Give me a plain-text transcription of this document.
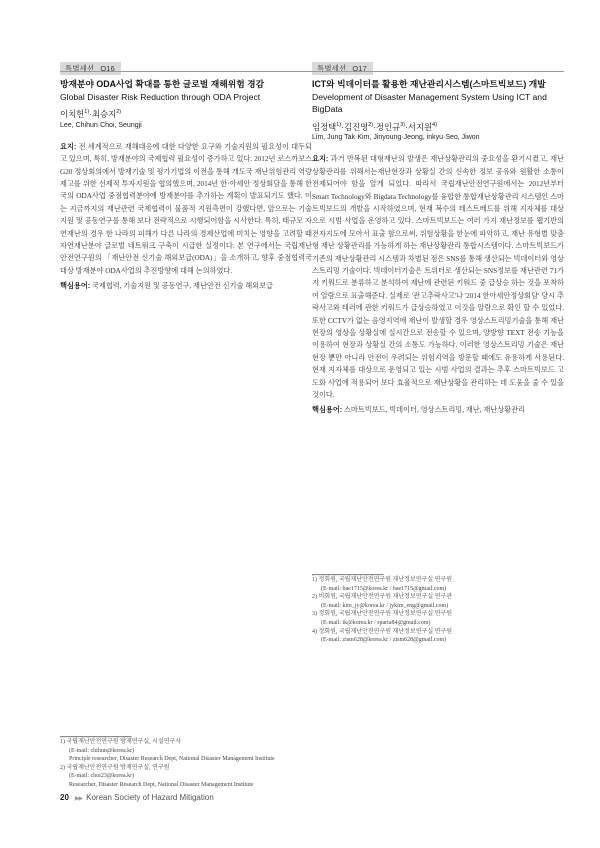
특별세션 O16

방재분야 ODA사업 확대를 통한 글로벌 재해위험 경감

Global Disaster Risk Reduction through ODA Project

이치헌$^{1)}$·최승지$^{2)}$
Lee, Chihun·Choi, Seungji
요지: 전 세계적으로 재해대응에 대한 다양한 요구와 기술지원의 필요성이 대두되고 있으며, 특히, 방재분야의 국제협력 필요성이 증가하고 있다. 2012년 로스까보스 G20 정상회의에서 방재기술 및 평가기법의 이전을 통해 개도국 재난위험관리 역량제고를 위한 선제적 투자지원을 협의했으며, 2014년 한·아세안 정상회담을 통해 한국의 ODA사업 중점협력분야에 방재분야를 추가하는 계획이 발표되기도 했다. 이는 지금까지의 재난관련 국제협력이 물품적 지원측면이 강했다면, 앞으로는 기술지원 및 공동연구를 통해 보다 전략적으로 시행되어함을 시사한다. 특히, 태규모 자연재난의 경우 한 나라의 피해가 다른 나라의 경제산업에 미치는 영향을 고려할 때 자연재난분야 글로벌 네트워크 구축이 시급한 실정이다. 본 연구에서는 국립재난안전연구원의 「재난안전 신기술 해외보급(ODA)」을 소개하고, 향후 중점협력국 대상 방재분야 ODA사업의 추진방향에 대해 논의하였다.
핵심용어: 국제협력, 기술지원 및 공동연구, 재난안전 신기술 해외보급
1) 국립재난안전연구원 방재연구실, 시설연구사
(E-mail: chihun@korea.kr)
Principle researcher, Disaster Research Dept, National Disaster Management Institute
2) 국립재난안전연구원 방재연구실, 연구원
(E-mail: choi23@korea.kr)
Researcher, Disaster Research Dept, National Disaster Management Institute
특별세션 O17

ICT와 빅데이터를 활용한 재난관리시스템(스마트빅보드) 개발

Development of Disaster Management System Using ICT and BigData

임정택$^{1)}$·김진영$^{2)}$·정인규$^{3)}$·서지원$^{4)}$
Lim, Jung Tak·Kim, Jinyoung·Jeong, inkyu·Seo, Jiwon
요지: 과거 반복된 대형재난의 발생은 재난상황관리의 중요성을 환기시켰고, 재난상황관리를 위해서는재난현장과 상황실 간의 신속한 정보 공유와 원활한 소통이 전제되어야 함을 알게 되었다. 따라서 국립재난안전연구원에서는 2012년부터 Smart Technology와 Bigdata Technology를 융합한 통합재난상황관리 시스템인 스마트빅보드의 개발을 시작하였으며, 현재 복수의 테스트베드를 위해 지자체를 대상으로 시범 사업을 운영하고 있다. 스마트빅보드는 여러 가지 재난정보를 웹기반의 전자지도에 모아서 표출 함으로써, 위험상황을 한눈에 파악하고, 재난 유형별 맞춤형 재난 상황관리를 가능하게 하는 재난상황관리 통합시스템이다. 스마트빅보드가 기존의 재난상황관리 시스템과 차별된 점은 SNS를 통해 생산되는 빅데이터와 영상스트리밍 기술이다. 빅데이터기술은 트위터로 생산되는 SNS정보를 재난관련 71가지 키워드로 분류하고 분석하여 재난에 관련된 키워드 중 급상승 하는 것을 포착하여 알람으로 표출해준다. 실제로 '관고추락사고'나 '2014 한아세안정상회담' 당시 추락사고와 테러에 관한 키워드가 급상승하였고 이것을 알람으로 확인 할 수 있었다. 또한 CCTV가 없는 음영지역에 재난이 발생할 경우 영상스트리밍기술을 통해 재난현장의 영상을 상황실에 실시간으로 전송할 수 있으며, 양방향 TEXT 전송 기능을 이용하여 현장과 상황실 간의 소통도 가능하다. 이러한 영상스트리밍 기술은 재난현장 뿐만 아니라 안전이 우려되는 위험지역을 방문할 때에도 유용하게 사용된다. 현재 지자체를 대상으로 운영되고 있는 시범 사업의 결과는 추후 스마트빅보드 고도화 사업에 적용되어 보다 효율적으로 재난상황을 관리하는 데 도움을 줄 수 있을 것이다.
핵심용어: 스마트빅보드, 빅데이터, 영상스트리밍, 재난, 재난상황관리
1) 정회원, 국립재난안전연구원 재난정보연구실 연구원
(E-mail: bae1715@korea.kr / bae1715@gmail.com)
2) 비회원, 국립재난안전연구원 재난정보연구실 연구관
(E-mail: kim_jy@korea.kr / jykim_eng@gmail.com)
3) 정회원, 국립재난안전연구원 재난정보연구실 연구원
(E-mail: ik@korea.kr / sparta84@gmail.com)
4) 정회원, 국립재난안전연구원 재난정보연구실 연구원
(E-mail: zism628@korea.kr / zism628@gmail.com)
20 ▶▶ Korean Society of Hazard Mitigation
